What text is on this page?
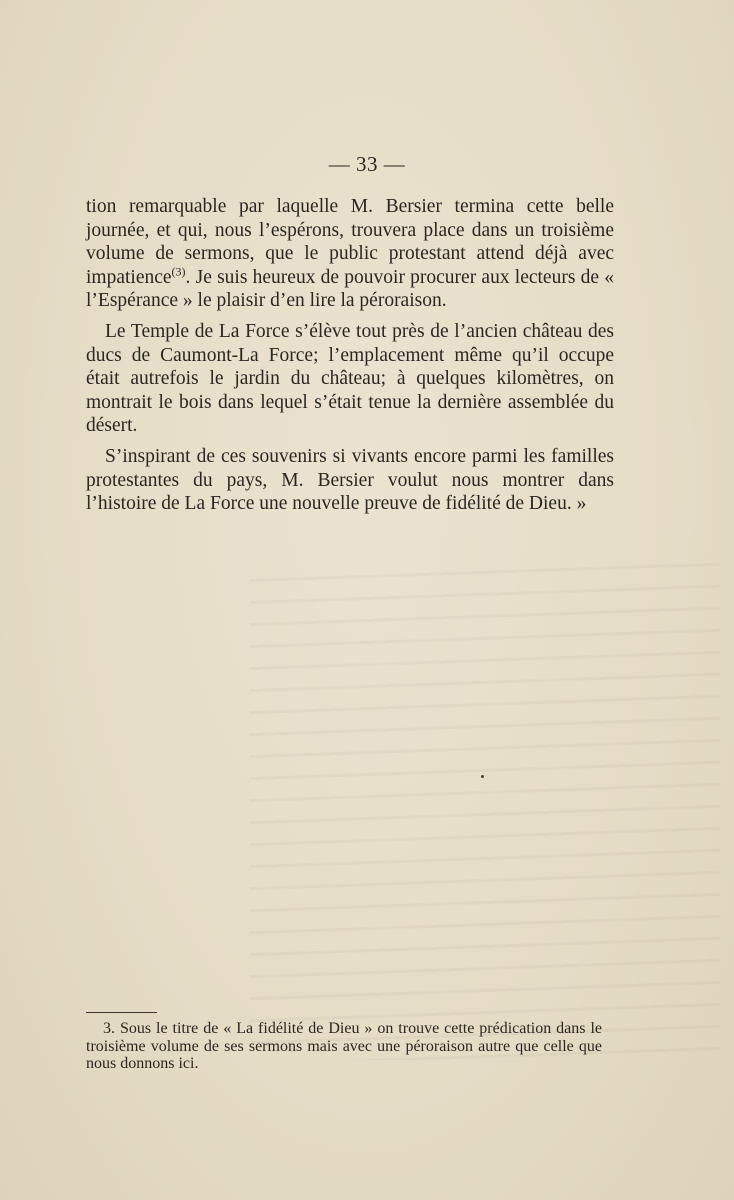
— 33 —

tion remarquable par laquelle M. Bersier termina cette belle journée, et qui, nous l’espérons, trouvera place dans un troisième volume de sermons, que le public protestant attend déjà avec impatience$^{(3)}$. Je suis heureux de pouvoir procurer aux lecteurs de « l’Espérance » le plaisir d’en lire la péroraison.

Le Temple de La Force s’élève tout près de l’ancien château des ducs de Caumont-La Force; l’emplacement même qu’il occupe était autrefois le jardin du château; à quelques kilomètres, on montrait le bois dans lequel s’était tenue la dernière assemblée du désert.

S’inspirant de ces souvenirs si vivants encore parmi les familles protestantes du pays, M. Bersier voulut nous montrer dans l’histoire de La Force une nouvelle preuve de fidélité de Dieu. »

3. Sous le titre de « La fidélité de Dieu » on trouve cette prédication dans le troisième volume de ses sermons mais avec une péroraison autre que celle que nous donnons ici.
